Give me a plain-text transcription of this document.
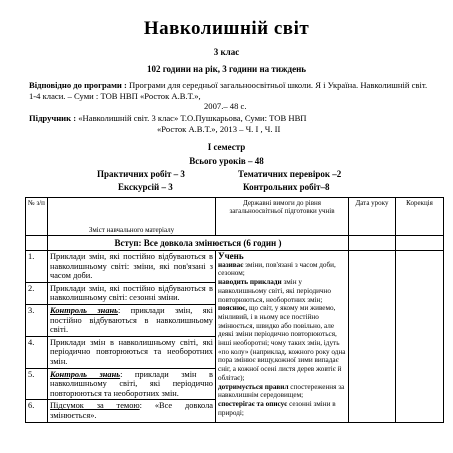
Навколишній світ
3 клас
102 години на рік, 3 години на тиждень
Відповідно до програми : Програми для середньої загальноосвітньої школи. Я і Україна. Навколишній світ. 1-4 класи. – Суми : ТОВ НВП «Росток А.В.Т.»,
2007.– 48 с.
Підручник : «Навколишній світ. 3 клас» Т.О.Пушкарьова, Суми: ТОВ НВП
«Росток А.В.Т.», 2013 – Ч. І , Ч. ІІ
І семестр
Всього уроків – 48
Практичних робіт – 3	Тематичних перевірок –2
Екскурсій – 3	Контрольних робіт–8
№ з/п	Зміст навчального матеріалу	Державні вимоги до рівня загальноосвітньої підготовки учнів	Дата уроку	Корекція
	Вступ: Все довкола змінюється (6 годин )			
1.	Приклади змін, які постійно відбуваються в навколишньому світі: зміни, які пов'язані з часом доби.	Учень
називає зміни, пов'язані з часом доби, сезоном;
наводить приклади змін у навколишньому світі, які періодично повторюються, необоротних змін; пояснює, що світ, у якому ми живемо, мінливий, і в ньому все постійно змінюється, швидко або повільно, але деякі зміни періодично повторюються, інші необоротні; чому таких змін, ідуть «по колу» (наприклад, кожного року одна пора змінює вищу,кожної зими випадає сніг, а кожної осені листя дерев жовтіє й облітає);
дотримується правил спостереження за навколишнім середовищем;
спостерігає та описує сезонні зміни в природі;		
2.	Приклади змін, які постійно відбуваються в навколишньому світі: сезонні зміни.			
3.	Контроль знань: приклади змін, які постійно відбуваються в навколишньому світі.			
4.	Приклади змін в навколишньому світі, які періодично повторюються та необоротних змін.			
5.	Контроль знань: приклади змін в навколишньому світі, які періодично повторюються та необоротних змін.			
6.	Підсумок за темою: «Все довкола змінюється».			
